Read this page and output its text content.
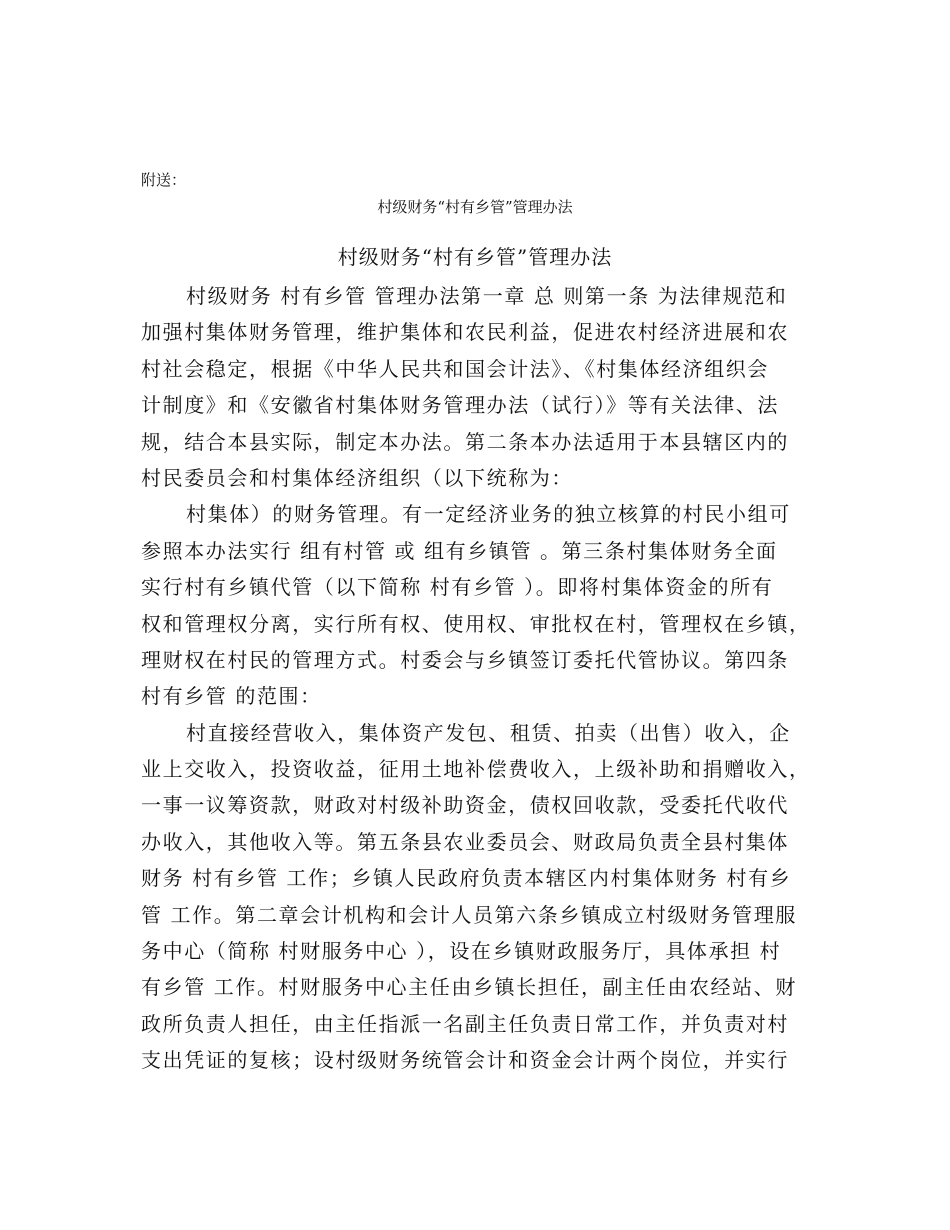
附送：
村级财务“村有乡管”管理办法
村级财务“村有乡管”管理办法
村级财务 村有乡管 管理办法第一章 总 则第一条 为法律规范和
加强村集体财务管理，维护集体和农民利益，促进农村经济进展和农
村社会稳定，根据《中华人民共和国会计法》、《村集体经济组织会
计制度》和《安徽省村集体财务管理办法（试行）》等有关法律、法
规，结合本县实际，制定本办法。第二条本办法适用于本县辖区内的
村民委员会和村集体经济组织（以下统称为：
村集体）的财务管理。有一定经济业务的独立核算的村民小组可
参照本办法实行 组有村管 或 组有乡镇管 。第三条村集体财务全面
实行村有乡镇代管（以下简称 村有乡管 ）。即将村集体资金的所有
权和管理权分离，实行所有权、使用权、审批权在村，管理权在乡镇，
理财权在村民的管理方式。村委会与乡镇签订委托代管协议。第四条
村有乡管 的范围：
村直接经营收入，集体资产发包、租赁、拍卖（出售）收入，企
业上交收入，投资收益，征用土地补偿费收入，上级补助和捐赠收入，
一事一议筹资款，财政对村级补助资金，债权回收款，受委托代收代
办收入，其他收入等。第五条县农业委员会、财政局负责全县村集体
财务 村有乡管 工作；乡镇人民政府负责本辖区内村集体财务 村有乡
管 工作。第二章会计机构和会计人员第六条乡镇成立村级财务管理服
务中心（简称 村财服务中心 ），设在乡镇财政服务厅，具体承担 村
有乡管 工作。村财服务中心主任由乡镇长担任，副主任由农经站、财
政所负责人担任，由主任指派一名副主任负责日常工作，并负责对村
支出凭证的复核；设村级财务统管会计和资金会计两个岗位，并实行
